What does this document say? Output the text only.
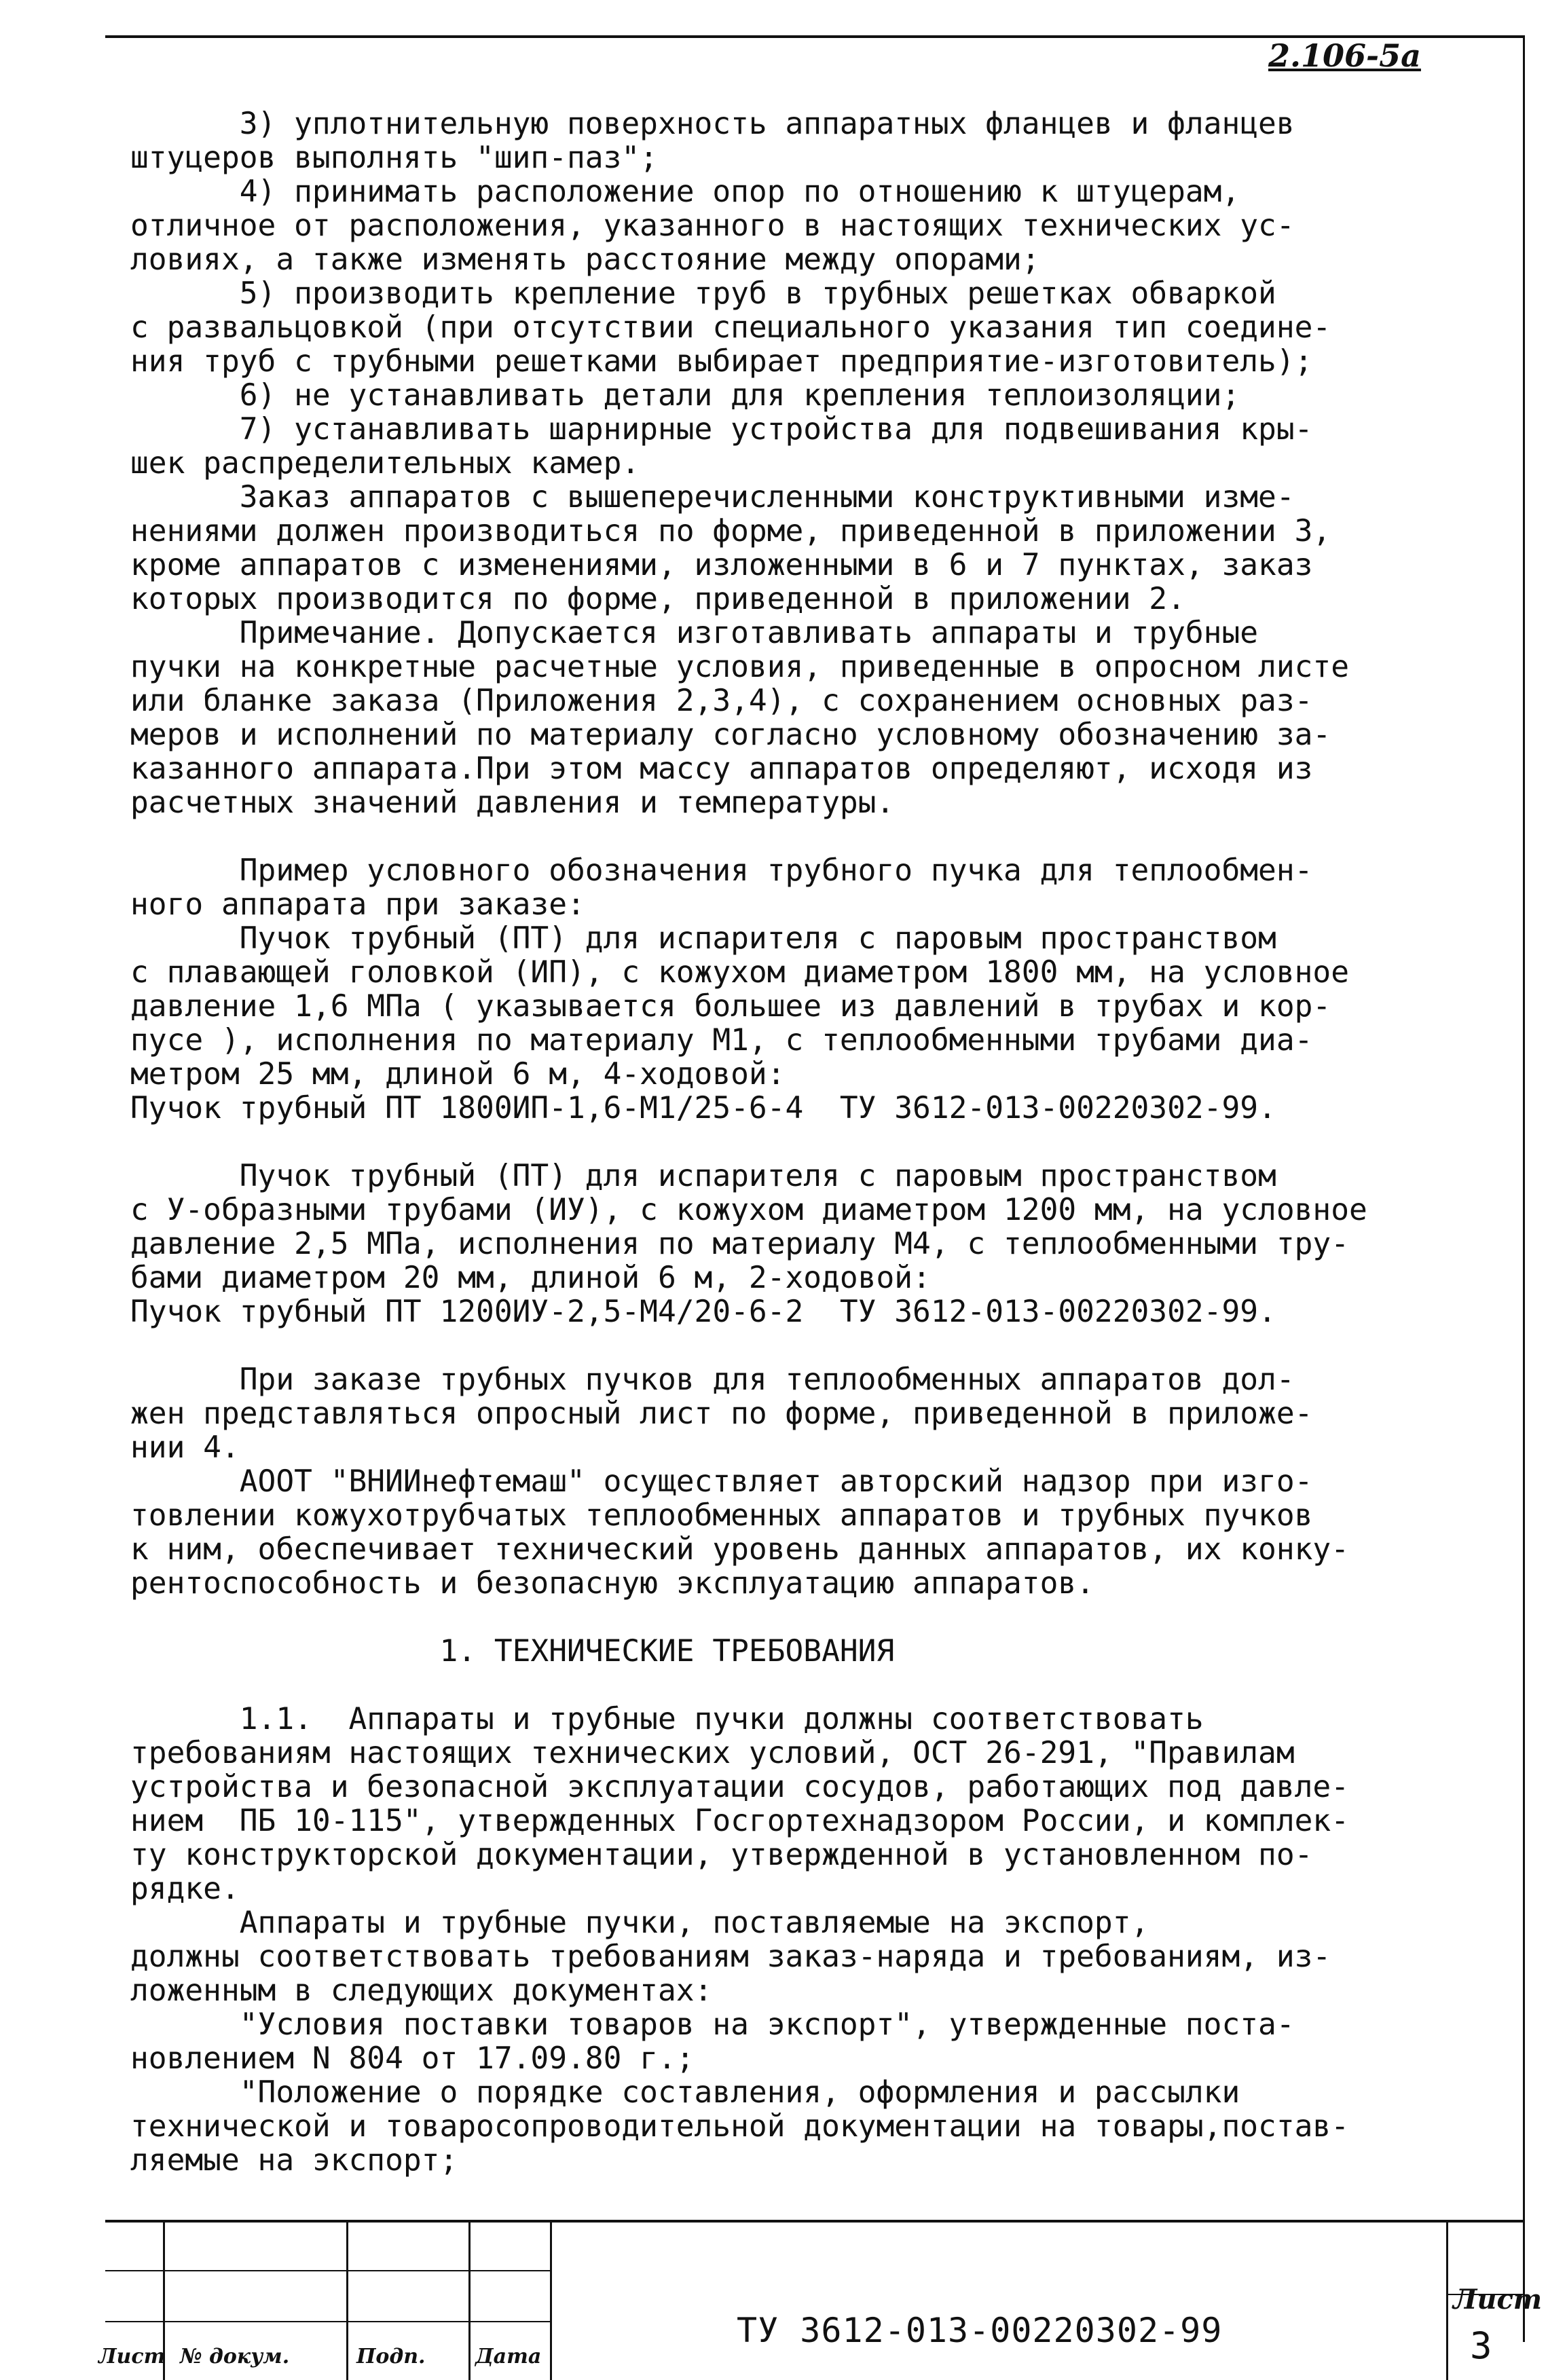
2.106-5а
3) уплотнительную поверхность аппаратных фланцев и фланцев
штуцеров выполнять "шип-паз";
4) принимать расположение опор по отношению к штуцерам,
отличное от расположения, указанного в настоящих технических ус-
ловиях, а также изменять расстояние между опорами;
5) производить крепление труб в трубных решетках обваркой
с развальцовкой (при отсутствии специального указания тип соедине-
ния труб с трубными решетками выбирает предприятие-изготовитель);
6) не устанавливать детали для крепления теплоизоляции;
7) устанавливать шарнирные устройства для подвешивания кры-
шек распределительных камер.
Заказ аппаратов с вышеперечисленными конструктивными изме-
нениями должен производиться по форме, приведенной в приложении 3,
кроме аппаратов с изменениями, изложенными в 6 и 7 пунктах, заказ
которых производится по форме, приведенной в приложении 2.
Примечание. Допускается изготавливать аппараты и трубные
пучки на конкретные расчетные условия, приведенные в опросном листе
или бланке заказа (Приложения 2,3,4), с сохранением основных раз-
меров и исполнений по материалу согласно условному обозначению за-
казанного аппарата.При этом массу аппаратов определяют, исходя из
расчетных значений давления и температуры.
Пример условного обозначения трубного пучка для теплообмен-
ного аппарата при заказе:
Пучок трубный (ПТ) для испарителя с паровым пространством
с плавающей головкой (ИП), с кожухом диаметром 1800 мм, на условное
давление 1,6 МПа ( указывается большее из давлений в трубах и кор-
пусе ), исполнения по материалу М1, с теплообменными трубами диа-
метром 25 мм, длиной 6 м, 4-ходовой:
Пучок трубный ПТ 1800ИП-1,6-М1/25-6-4  ТУ 3612-013-00220302-99.
Пучок трубный (ПТ) для испарителя с паровым пространством
с У-образными трубами (ИУ), с кожухом диаметром 1200 мм, на условное
давление 2,5 МПа, исполнения по материалу М4, с теплообменными тру-
бами диаметром 20 мм, длиной 6 м, 2-ходовой:
Пучок трубный ПТ 1200ИУ-2,5-М4/20-6-2  ТУ 3612-013-00220302-99.
При заказе трубных пучков для теплообменных аппаратов дол-
жен представляться опросный лист по форме, приведенной в приложе-
нии 4.
АООТ "ВНИИнефтемаш" осуществляет авторский надзор при изго-
товлении кожухотрубчатых теплообменных аппаратов и трубных пучков
к ним, обеспечивает технический уровень данных аппаратов, их конку-
рентоспособность и безопасную эксплуатацию аппаратов.
1. ТЕХНИЧЕСКИЕ ТРЕБОВАНИЯ
1.1.  Аппараты и трубные пучки должны соответствовать
требованиям настоящих технических условий, ОСТ 26-291, "Правилам
устройства и безопасной эксплуатации сосудов, работающих под давле-
нием  ПБ 10-115", утвержденных Госгортехнадзором России, и комплек-
ту конструкторской документации, утвержденной в установленном по-
рядке.
Аппараты и трубные пучки, поставляемые на экспорт,
должны соответствовать требованиям заказ-наряда и требованиям, из-
ложенным в следующих документах:
"Условия поставки товаров на экспорт", утвержденные поста-
новлением N 804 от 17.09.80 г.;
"Положение о порядке составления, оформления и рассылки
технической и товаросопроводительной документации на товары,постав-
ляемые на экспорт;
Лист № докум.	Подп. Дата
ТУ 3612-013-00220302-99
Лист
3
